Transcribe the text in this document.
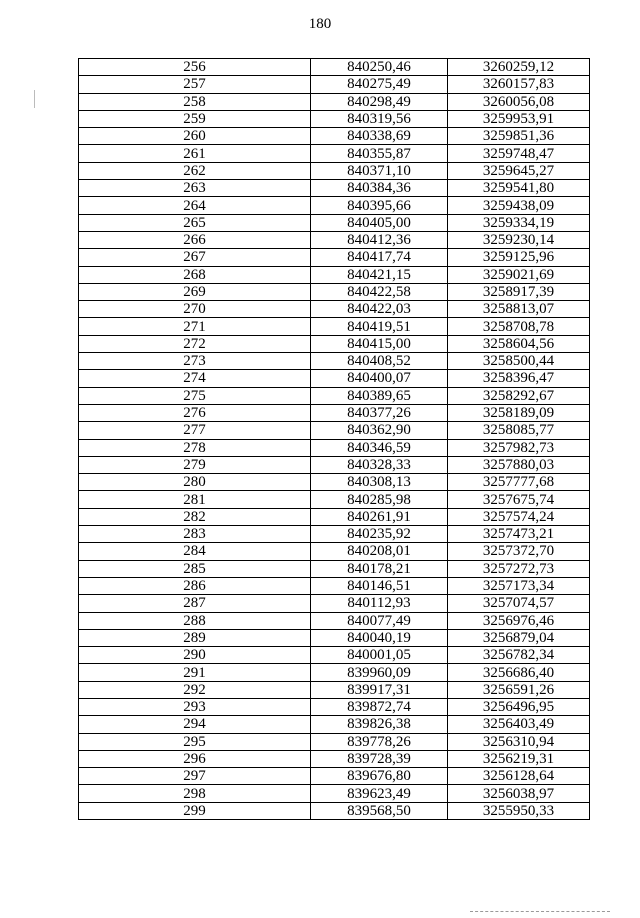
180
256	840250,46	3260259,12
257	840275,49	3260157,83
258	840298,49	3260056,08
259	840319,56	3259953,91
260	840338,69	3259851,36
261	840355,87	3259748,47
262	840371,10	3259645,27
263	840384,36	3259541,80
264	840395,66	3259438,09
265	840405,00	3259334,19
266	840412,36	3259230,14
267	840417,74	3259125,96
268	840421,15	3259021,69
269	840422,58	3258917,39
270	840422,03	3258813,07
271	840419,51	3258708,78
272	840415,00	3258604,56
273	840408,52	3258500,44
274	840400,07	3258396,47
275	840389,65	3258292,67
276	840377,26	3258189,09
277	840362,90	3258085,77
278	840346,59	3257982,73
279	840328,33	3257880,03
280	840308,13	3257777,68
281	840285,98	3257675,74
282	840261,91	3257574,24
283	840235,92	3257473,21
284	840208,01	3257372,70
285	840178,21	3257272,73
286	840146,51	3257173,34
287	840112,93	3257074,57
288	840077,49	3256976,46
289	840040,19	3256879,04
290	840001,05	3256782,34
291	839960,09	3256686,40
292	839917,31	3256591,26
293	839872,74	3256496,95
294	839826,38	3256403,49
295	839778,26	3256310,94
296	839728,39	3256219,31
297	839676,80	3256128,64
298	839623,49	3256038,97
299	839568,50	3255950,33
